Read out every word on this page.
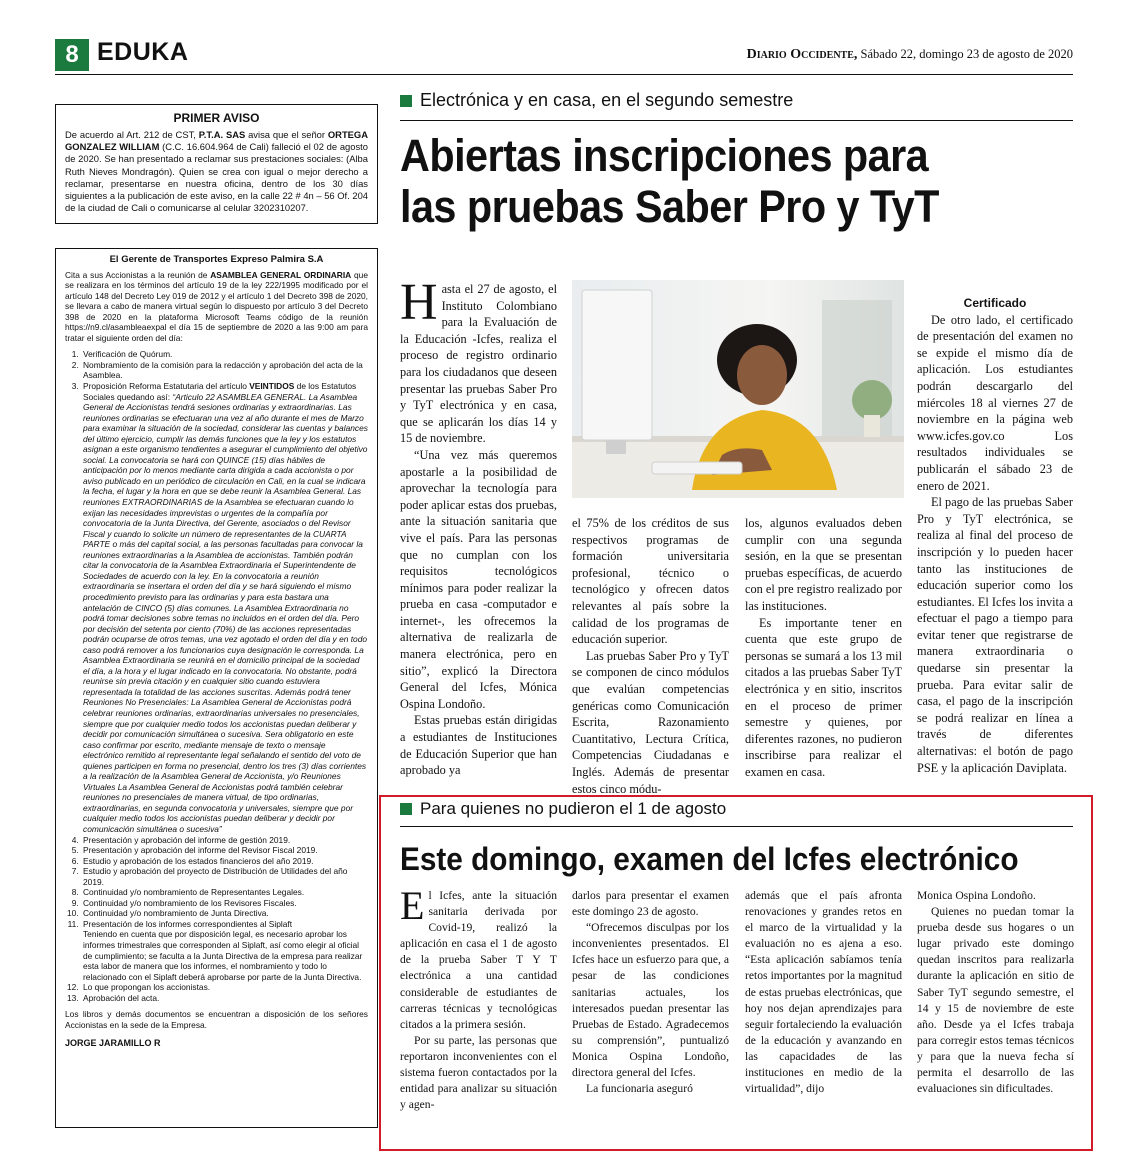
8 EDUKA	Diario Occidente, Sábado 22, domingo 23 de agosto de 2020
PRIMER AVISO

De acuerdo al Art. 212 de CST, P.T.A. SAS avisa que el señor ORTEGA GONZALEZ WILLIAM (C.C. 16.604.964 de Cali) falleció el 02 de agosto de 2020. Se han presentado a reclamar sus prestaciones sociales: (Alba Ruth Nieves Mondragón). Quien se crea con igual o mejor derecho a reclamar, presentarse en nuestra oficina, dentro de los 30 días siguientes a la publicación de este aviso, en la calle 22 # 4n – 56 Of. 204 de la ciudad de Cali o comunicarse al celular 3202310207.

El Gerente de Transportes Expreso Palmira S.A

Cita a sus Accionistas a la reunión de ASAMBLEA GENERAL ORDINARIA que se realizara en los términos del artículo 19 de la ley 222/1995 modificado por el artículo 148 del Decreto Ley 019 de 2012 y el artículo 1 del Decreto 398 de 2020, se llevara a cabo de manera virtual según lo dispuesto por artículo 3 del Decreto 398 de 2020 en la plataforma Microsoft Teams código de la reunión https://n9.cl/asambleaexpal el día 15 de septiembre de 2020 a las 9:00 am para tratar el siguiente orden del día:

1. Verificación de Quórum.
2. Nombramiento de la comisión para la redacción y aprobación del acta de la Asamblea.
3. Proposición Reforma Estatutaria del artículo VEINTIDOS de los Estatutos Sociales quedando así: “Articulo 22 ASAMBLEA GENERAL. La Asamblea General de Accionistas tendrá sesiones ordinarias y extraordinarias. Las reuniones ordinarias se efectuaran una vez al año durante el mes de Marzo para examinar la situación de la sociedad, considerar las cuentas y balances del último ejercicio, cumplir las demás funciones que la ley y los estatutos asignan a este organismo tendientes a asegurar el cumplimiento del objetivo social. La convocatoria se hará con QUINCE (15) días hábiles de anticipación por lo menos mediante carta dirigida a cada accionista o por aviso publicado en un periódico de circulación en Cali, en la cual se indicara la fecha, el lugar y la hora en que se debe reunir la Asamblea General. Las reuniones EXTRAORDINARIAS de la Asamblea se efectuaran cuando lo exijan las necesidades imprevistas o urgentes de la compañía por convocatoria de la Junta Directiva, del Gerente, asociados o del Revisor Fiscal y cuando lo solicite un número de representantes de la CUARTA PARTE o más del capital social, a las personas facultadas para convocar la reuniones extraordinarias a la Asamblea de accionistas. También podrán citar la convocatoria de la Asamblea Extraordinaria el Superintendente de Sociedades de acuerdo con la ley. En la convocatoria a reunión extraordinaria se insertara el orden del día y se hará siguiendo el mismo procedimiento previsto para las ordinarias y para esta bastara una antelación de CINCO (5) días comunes. La Asamblea Extraordinaria no podrá tomar decisiones sobre temas no incluidos en el orden del día. Pero por decisión del setenta por ciento (70%) de las acciones representadas podrán ocuparse de otros temas, una vez agotado el orden del día y en todo caso podrá remover a los funcionarios cuya designación le corresponda. La Asamblea Extraordinaria se reunirá en el domicilio principal de la sociedad el día, a la hora y el lugar indicado en la convocatoria. No obstante, podrá reunirse sin previa citación y en cualquier sitio cuando estuviera representada la totalidad de las acciones suscritas. Además podrá tener Reuniones No Presenciales: La Asamblea General de Accionistas podrá celebrar reuniones ordinarias, extraordinarias universales no presenciales, siempre que por cualquier medio todos los accionistas puedan deliberar y decidir por comunicación simultánea o sucesiva. Sera obligatorio en este caso confirmar por escrito, mediante mensaje de texto o mensaje electrónico remitido al representante legal señalando el sentido del voto de quienes participen en forma no presencial, dentro los tres (3) días corrientes a la realización de la Asamblea General de Accionista, y/o Reuniones Virtuales La Asamblea General de Accionistas podrá también celebrar reuniones no presenciales de manera virtual, de tipo ordinarias, extraordinarias, en segunda convocatoria y universales, siempre que por cualquier medio todos los accionistas puedan deliberar y decidir por comunicación simultánea o sucesiva”
4. Presentación y aprobación del informe de gestión 2019.
5. Presentación y aprobación del informe del Revisor Fiscal 2019.
6. Estudio y aprobación de los estados financieros del año 2019.
7. Estudio y aprobación del proyecto de Distribución de Utilidades del año 2019.
8. Continuidad y/o nombramiento de Representantes Legales.
9. Continuidad y/o nombramiento de los Revisores Fiscales.
10. Continuidad y/o nombramiento de Junta Directiva.
11. Presentación de los informes correspondientes al Siplaft
Teniendo en cuenta que por disposición legal, es necesario aprobar los informes trimestrales que corresponden al Siplaft, así como elegir al oficial de cumplimiento; se faculta a la Junta Directiva de la empresa para realizar esta labor de manera que los informes, el nombramiento y todo lo relacionado con el Siplaft deberá aprobarse por parte de la Junta Directiva.
12. Lo que propongan los accionistas.
13. Aprobación del acta.

Los libros y demás documentos se encuentran a disposición de los señores Accionistas en la sede de la Empresa.

JORGE JARAMILLO R
Electrónica y en casa, en el segundo semestre
Abiertas inscripciones para
las pruebas Saber Pro y TyT

Hasta el 27 de agosto, el Instituto Colombiano para la Evaluación de la Educación -Icfes, realiza el proceso de registro ordinario para los ciudadanos que deseen presentar las pruebas Saber Pro y TyT electrónica y en casa, que se aplicarán los días 14 y 15 de noviembre.

“Una vez más queremos apostarle a la posibilidad de aprovechar la tecnología para poder aplicar estas dos pruebas, ante la situación sanitaria que vive el país. Para las personas que no cumplan con los requisitos tecnológicos mínimos para poder realizar la prueba en casa -computador e internet-, les ofrecemos la alternativa de realizarla de manera electrónica, pero en sitio”, explicó la Directora General del Icfes, Mónica Ospina Londoño.

Estas pruebas están dirigidas a estudiantes de Instituciones de Educación Superior que han aprobado ya

el 75% de los créditos de sus respectivos programas de formación universitaria profesional, técnico o tecnológico y ofrecen datos relevantes al país sobre la calidad de los programas de educación superior.

Las pruebas Saber Pro y TyT se componen de cinco módulos que evalúan competencias genéricas como Comunicación Escrita, Razonamiento Cuantitativo, Lectura Crítica, Competencias Ciudadanas e Inglés. Además de presentar estos cinco módu-

los, algunos evaluados deben cumplir con una segunda sesión, en la que se presentan pruebas específicas, de acuerdo con el pre registro realizado por las instituciones.

Es importante tener en cuenta que este grupo de personas se sumará a los 13 mil citados a las pruebas Saber TyT electrónica y en sitio, inscritos en el proceso de primer semestre y quienes, por diferentes razones, no pudieron inscribirse para realizar el examen en casa.

Certificado

De otro lado, el certificado de presentación del examen no se expide el mismo día de aplicación. Los estudiantes podrán descargarlo del miércoles 18 al viernes 27 de noviembre en la página web www.icfes.gov.co Los resultados individuales se publicarán el sábado 23 de enero de 2021.

El pago de las pruebas Saber Pro y TyT electrónica, se realiza al final del proceso de inscripción y lo pueden hacer tanto las instituciones de educación superior como los estudiantes. El Icfes los invita a efectuar el pago a tiempo para evitar tener que registrarse de manera extraordinaria o quedarse sin presentar la prueba. Para evitar salir de casa, el pago de la inscripción se podrá realizar en línea a través de diferentes alternativas: el botón de pago PSE y la aplicación Daviplata.

Para quienes no pudieron el 1 de agosto
Este domingo, examen del Icfes electrónico

El Icfes, ante la situación sanitaria derivada por Covid-19, realizó la aplicación en casa el 1 de agosto de la prueba Saber T Y T electrónica a una cantidad considerable de estudiantes de carreras técnicas y tecnológicas citados a la primera sesión.

Por su parte, las personas que reportaron inconvenientes con el sistema fueron contactados por la entidad para analizar su situación y agen-

darlos para presentar el examen este domingo 23 de agosto.

“Ofrecemos disculpas por los inconvenientes presentados. El Icfes hace un esfuerzo para que, a pesar de las condiciones sanitarias actuales, los interesados puedan presentar las Pruebas de Estado. Agradecemos su comprensión”, puntualizó Monica Ospina Londoño, directora general del Icfes.

La funcionaria aseguró

además que el país afronta renovaciones y grandes retos en el marco de la virtualidad y la evaluación no es ajena a eso. “Esta aplicación sabíamos tenía retos importantes por la magnitud de estas pruebas electrónicas, que hoy nos dejan aprendizajes para seguir fortaleciendo la evaluación de la educación y avanzando en las capacidades de las instituciones en medio de la virtualidad”, dijo

Monica Ospina Londoño.

Quienes no puedan tomar la prueba desde sus hogares o un lugar privado este domingo quedan inscritos para realizarla durante la aplicación en sitio de Saber TyT segundo semestre, el 14 y 15 de noviembre de este año. Desde ya el Icfes trabaja para corregir estos temas técnicos y para que la nueva fecha sí permita el desarrollo de las evaluaciones sin dificultades.
